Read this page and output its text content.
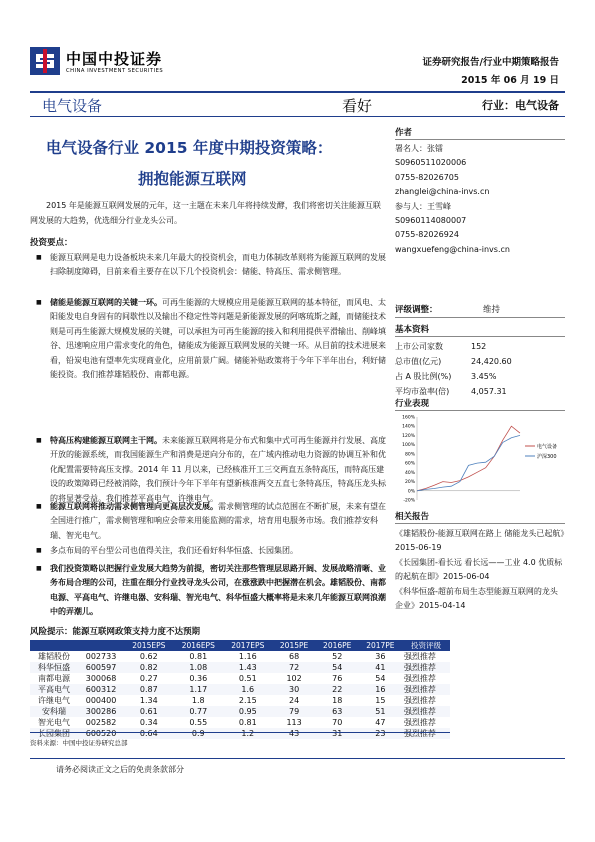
中国中投证券
CHINA INVESTMENT SECURITIES
证券研究报告/行业中期策略报告
2015 年 06 月 19 日
电气设备	看好	行业：电气设备
电气设备行业 2015 年度中期投资策略：
拥抱能源互联网
2015 年是能源互联网发展的元年，这一主题在未来几年将持续发酵，我们将密切关注能源互联网发展的大趋势，优选细分行业龙头公司。
投资要点：
■ 能源互联网是电力设备板块未来几年最大的投资机会，而电力体制改革则将为能源互联网的发展扫除制度障碍，目前来看主要存在以下几个投资机会：储能、特高压、需求侧管理。
■ 储能是能源互联网的关键一环。可再生能源的大规模应用是能源互联网的基本特征，而风电、太阳能发电自身固有的间歇性以及输出不稳定性等问题是新能源发展的阿喀琉斯之踵，而储能技术则是可再生能源大规模发展的关键，可以承担为可再生能源的接入和利用提供平滑输出、削峰填谷、迅速响应用户需求变化的角色，储能成为能源互联网发展的关键一环。从目前的技术进展来看，铅炭电池有望率先实现商业化，应用前景广阔。储能补贴政策将于今年下半年出台，利好储能投资。我们推荐雄韬股份、南都电源。
■ 特高压构建能源互联网主干网。未来能源互联网将是分布式和集中式可再生能源并行发展、高度开放的能源系统，而我国能源生产和消费是逆向分布的，在广域内推动电力资源的协调互补和优化配置需要特高压支撑。2014 年 11 月以来，已经核准开工三交两直五条特高压，而特高压建设的政策障碍已经被消除，我们预计今年下半年有望新核准两交五直七条特高压，特高压龙头标的将显著受益。我们推荐平高电气、许继电气。
■ 能源互联网将推动需求侧管理向更高层次发展。需求侧管理的试点范围在不断扩展，未来有望在全国进行推广，需求侧管理和响应会带来用能监测的需求，培育用电服务市场。我们推荐安科瑞、智光电气。
■ 多点布局的平台型公司也值得关注，我们还看好科华恒盛、长园集团。
■ 我们投资策略以把握行业发展大趋势为前提，密切关注那些管理层思路开阔、发展战略清晰、业务布局合理的公司，注重在细分行业找寻龙头公司，在涨涨跌中把握潜在机会。雄韬股份、南都电源、平高电气、许继电器、安科瑞、智光电气、科华恒盛大概率将是未来几年能源互联网浪潮中的弄潮儿。
作者
署名人：张镭
S0960511020006
0755-82026705
zhanglei@china-invs.cn
参与人：王雪峰
S0960114080007
0755-82026924
wangxuefeng@china-invs.cn
评级调整：	维持
基本资料
上市公司家数	152
总市值(亿元)	24,420.60
占 A 股比例(%)	3.45%
平均市盈率(倍)	4,057.31
行业表现
160%
140%
120%
100%
80%
60%
40%
20%
0%
-20%
电气设备
沪深300
相关报告
《雄韬股份-能源互联网在路上 储能龙头已起航》2015-06-19
《长园集团-看长远 看长远——工业 4.0 优质标的起航在即》2015-06-04
《科华恒盛-超前布局生态型能源互联网的龙头企业》2015-04-14
风险提示：能源互联网政策支持力度不达预期
		2015EPS	2016EPS	2017EPS	2015PE	2016PE	2017PE	投资评级
雄韬股份	002733	0.62	0.81	1.16	68	52	36	强烈推荐
科华恒盛	600597	0.82	1.08	1.43	72	54	41	强烈推荐
南都电源	300068	0.27	0.36	0.51	102	76	54	强烈推荐
平高电气	600312	0.87	1.17	1.6	30	22	16	强烈推荐
许继电气	000400	1.34	1.8	2.15	24	18	15	强烈推荐
安科瑞	300286	0.61	0.77	0.95	79	63	51	强烈推荐
智光电气	002582	0.34	0.55	0.81	113	70	47	强烈推荐
长园集团	600520	0.64	0.9	1.2	43	31	23	强烈推荐
资料来源：中国中投证券研究总部
请务必阅读正文之后的免责条款部分
